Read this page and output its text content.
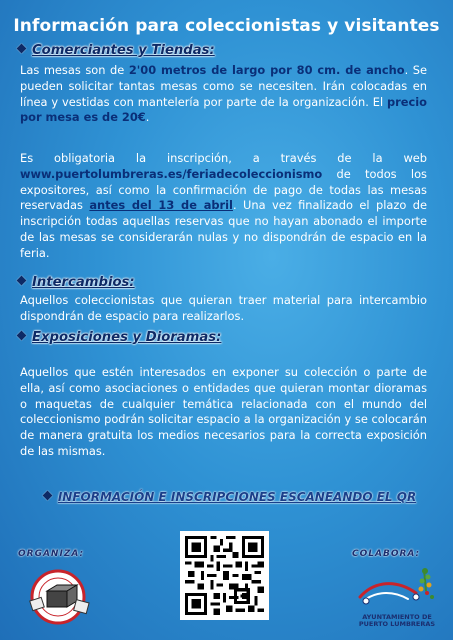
Información para coleccionistas y visitantes
Comerciantes y Tiendas:
Las mesas son de 2'00 metros de largo por 80 cm. de ancho. Se pueden solicitar tantas mesas como se necesiten. Irán colocadas en línea y vestidas con mantelería por parte de la organización. El precio por mesa es de 20€.
Es obligatoria la inscripción, a través de la web www.puertolumbreras.es/feriadecoleccionismo de todos los expositores, así como la confirmación de pago de todas las mesas reservadas antes del 13 de abril. Una vez finalizado el plazo de inscripción todas aquellas reservas que no hayan abonado el importe de las mesas se considerarán nulas y no dispondrán de espacio en la feria.
Intercambios:
Aquellos coleccionistas que quieran traer material para intercambio dispondrán de espacio para realizarlos.
Exposiciones y Dioramas:
Aquellos que estén interesados en exponer su colección o parte de ella, así como asociaciones o entidades que quieran montar dioramas o maquetas de cualquier temática relacionada con el mundo del coleccionismo podrán solicitar espacio a la organización y se colocarán de manera gratuita los medios necesarios para la correcta exposición de las mismas.
INFORMACIÓN E INSCRIPCIONES ESCANEANDO EL QR
ORGANIZA:	COLABORA:
AYUNTAMIENTO DE
PUERTO LUMBRERAS
